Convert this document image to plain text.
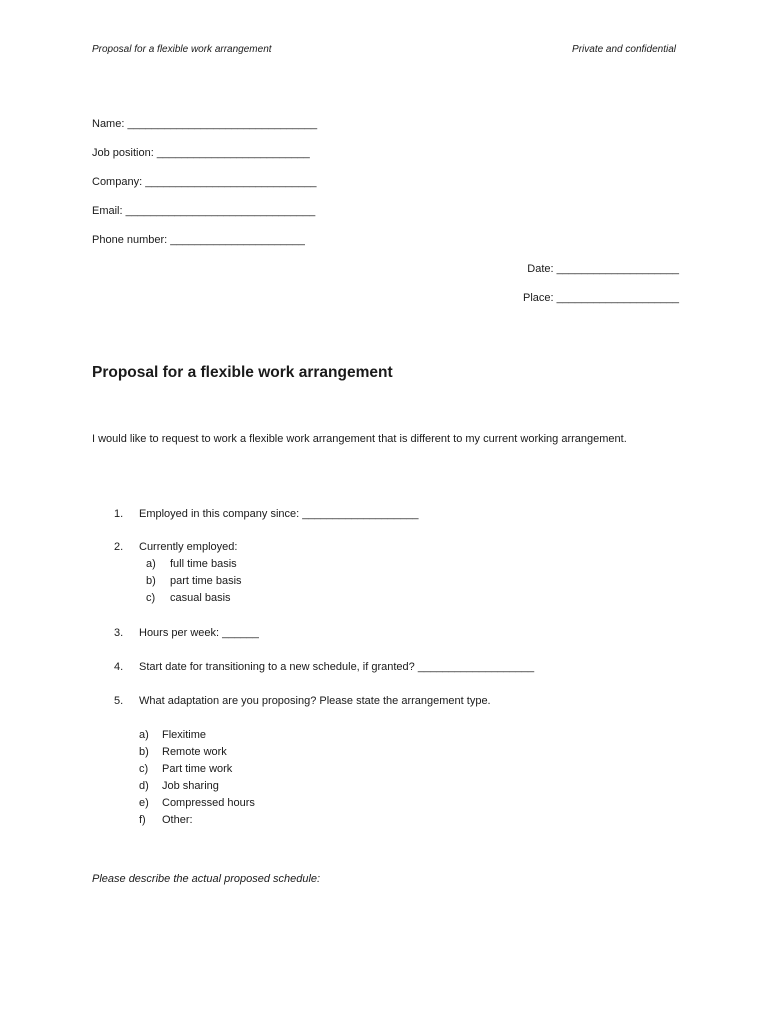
Proposal for a flexible work arrangement	Private and confidential
Name: _______________________________
Job position: _________________________
Company: ____________________________
Email: _______________________________
Phone number: ______________________
Date: ____________________
Place: ____________________
Proposal for a flexible work arrangement
I would like to request to work a flexible work arrangement that is different to my current working arrangement.
1. Employed in this company since: ___________________
2. Currently employed:
a) full time basis
b) part time basis
c) casual basis
3. Hours per week: ______
4. Start date for transitioning to a new schedule, if granted? ___________________
5. What adaptation are you proposing? Please state the arrangement type.
a) Flexitime
b) Remote work
c) Part time work
d) Job sharing
e) Compressed hours
f) Other:
Please describe the actual proposed schedule:
